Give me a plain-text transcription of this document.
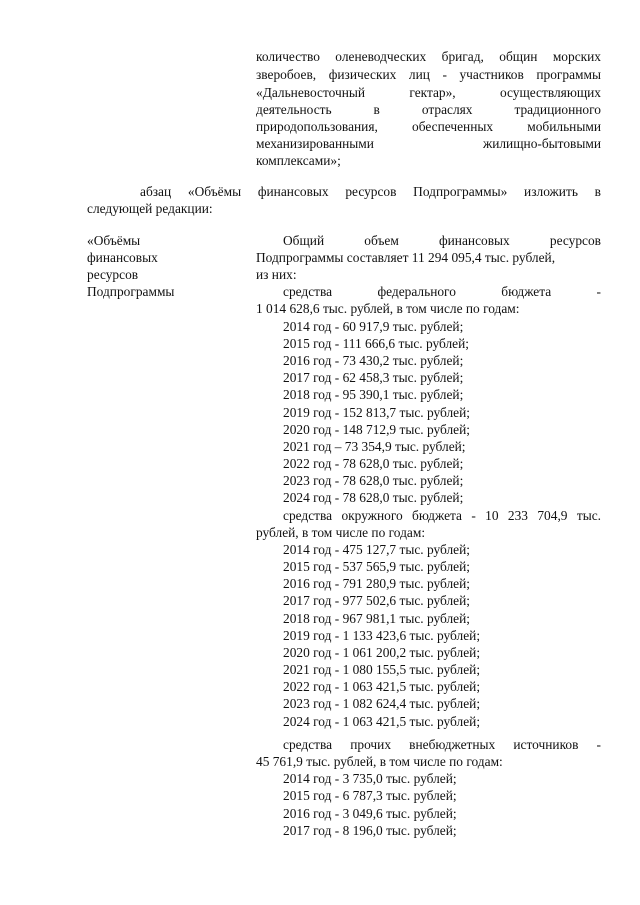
количество оленеводческих бригад, общин морских
зверобоев, физических лиц - участников программы
«Дальневосточный гектар», осуществляющих
деятельность в отраслях традиционного
природопользования, обеспеченных мобильными
механизированными жилищно-бытовыми
комплексами»;
абзац «Объёмы финансовых ресурсов Подпрограммы» изложить в
следующей редакции:
«Объёмы
финансовых
ресурсов
Подпрограммы
Общий объем финансовых ресурсов
Подпрограммы составляет 11 294 095,4 тыс. рублей,
из них:
средства федерального бюджета -
1 014 628,6 тыс. рублей, в том числе по годам:
2014 год - 60 917,9 тыс. рублей;
2015 год - 111 666,6 тыс. рублей;
2016 год - 73 430,2 тыс. рублей;
2017 год - 62 458,3 тыс. рублей;
2018 год - 95 390,1 тыс. рублей;
2019 год - 152 813,7 тыс. рублей;
2020 год - 148 712,9 тыс. рублей;
2021 год – 73 354,9 тыс. рублей;
2022 год - 78 628,0 тыс. рублей;
2023 год - 78 628,0 тыс. рублей;
2024 год - 78 628,0 тыс. рублей;
средства окружного бюджета - 10 233 704,9 тыс.
рублей, в том числе по годам:
2014 год - 475 127,7 тыс. рублей;
2015 год - 537 565,9 тыс. рублей;
2016 год - 791 280,9 тыс. рублей;
2017 год - 977 502,6 тыс. рублей;
2018 год - 967 981,1 тыс. рублей;
2019 год - 1 133 423,6 тыс. рублей;
2020 год - 1 061 200,2 тыс. рублей;
2021 год - 1 080 155,5 тыс. рублей;
2022 год - 1 063 421,5 тыс. рублей;
2023 год - 1 082 624,4 тыс. рублей;
2024 год - 1 063 421,5 тыс. рублей;
средства прочих внебюджетных источников -
45 761,9 тыс. рублей, в том числе по годам:
2014 год - 3 735,0 тыс. рублей;
2015 год - 6 787,3 тыс. рублей;
2016 год - 3 049,6 тыс. рублей;
2017 год - 8 196,0 тыс. рублей;
